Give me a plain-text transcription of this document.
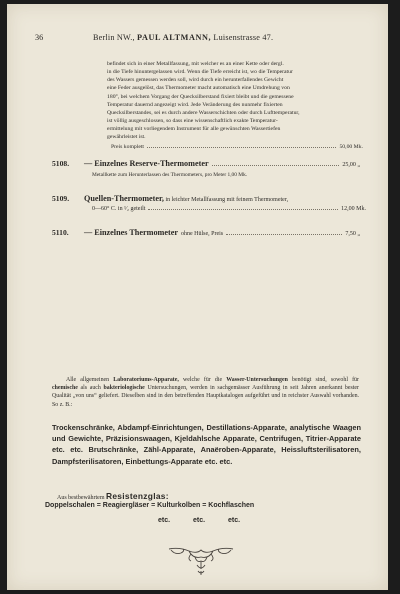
36	Berlin NW., PAUL ALTMANN, Luisenstrasse 47.

befindet sich in einer Metallfassung, mit welcher es an einer Kette oder dergl.

in die Tiefe hinuntergelassen wird. Wenn die Tiefe erreicht ist, wo die Temperatur

des Wassers gemessen werden soll, wird durch ein herunterfallendes Gewicht

eine Feder ausgelöst, das Thermometer macht automatisch eine Umdrehung von

180°, bei welchem Vorgang der Quecksilberstand fixiert bleibt und die gemessene

Temperatur dauernd angezeigt wird. Jede Veränderung des nunmehr fixierten

Quecksilberstandes, sei es durch andere Wasserschichten oder durch Lufttemperatur,

ist völlig ausgeschlossen, so dass eine wissenschaftlich exakte Temperatur-

ermittelung mit vorliegendem Instrument für alle gewünschten Wassertiefen

gewährleistet ist.

Preis komplett	50,00 Mk.
5108. — Einzelnes Reserve-Thermometer	25,00 „
Metallkette zum Herunterlassen des Thermometers, pro Meter 1,00 Mk.
5109. Quellen-Thermometer, in leichter Metallfassung mit feinem Thermometer,
0—60° C. in ¹⁄₂ geteilt	12,00 Mk.
5110. — Einzelnes Thermometer ohne Hülse, Preis	7,50 „
Alle allgemeinen Laboratoriums-Apparate, welche für die Wasser-Untersuchungen benötigt sind, sowohl für chemische als auch bakteriologische Untersuchungen, werden in sachgemässer Ausführung in seit Jahren anerkannt bester Qualität „von uns“ geliefert. Dieselben sind in den betreffenden Hauptkatalogen aufgeführt und in reichster Auswahl vorhanden. So z. B.:
Trockenschränke, Abdampf-Einrichtungen, Destillations-Apparate, analytische Waagen und Gewichte, Präzisionswaagen, Kjeldahlsche Apparate, Centrifugen, Titrier-Apparate etc. etc. Brutschränke, Zähl-Apparate, Anaëroben-Apparate, Heissluftsterilisatoren, Dampfsterilisatoren, Einbettungs-Apparate etc. etc.
Aus bestbewährtem Resistenzglas:
Doppelschalen = Reagiergläser = Kulturkolben = Kochflaschen
etc.	etc.	etc.
